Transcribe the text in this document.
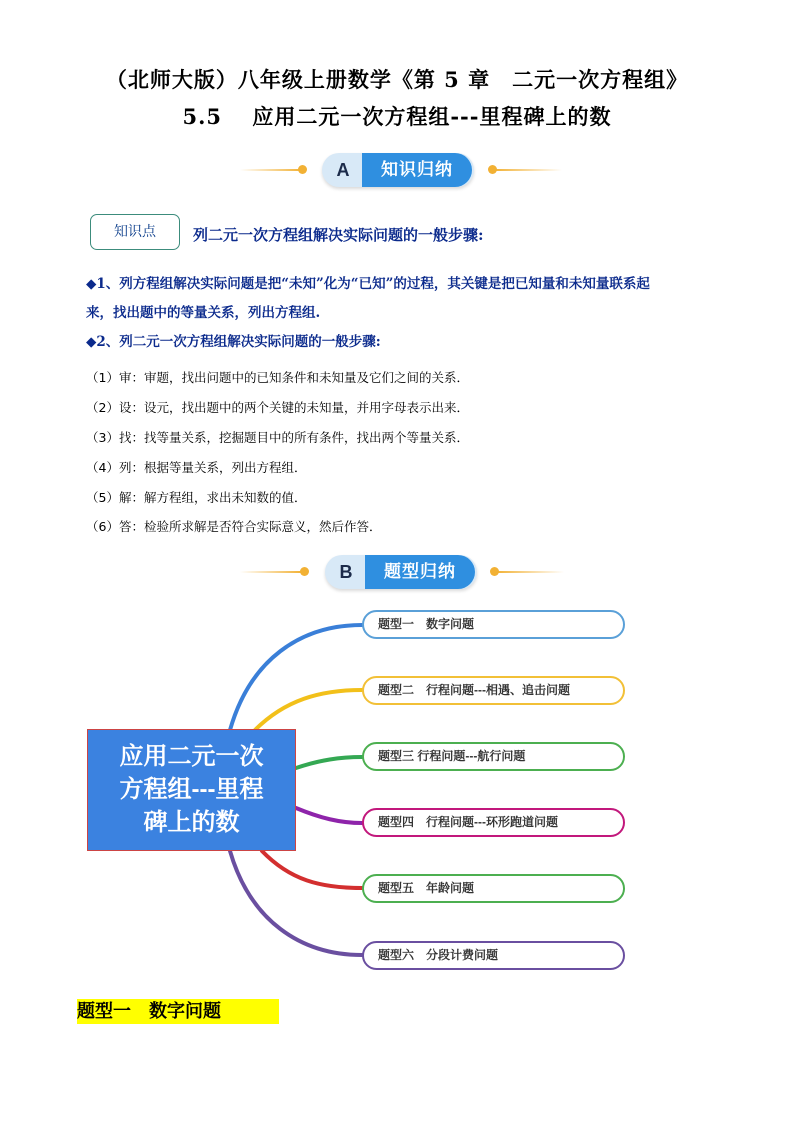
（北师大版）八年级上册数学《第 5 章　二元一次方程组》
5.5　 应用二元一次方程组---里程碑上的数
A	知识归纳
知识点	列二元一次方程组解决实际问题的一般步骤:
◆1、列方程组解决实际问题是把“未知”化为“已知”的过程，其关键是把已知量和未知量联系起
来，找出题中的等量关系，列出方程组.
◆2、列二元一次方程组解决实际问题的一般步骤:
（1）审：审题，找出问题中的已知条件和未知量及它们之间的关系．
（2）设：设元，找出题中的两个关键的未知量，并用字母表示出来．
（3）找：找等量关系，挖掘题目中的所有条件，找出两个等量关系．
（4）列：根据等量关系，列出方程组．
（5）解：解方程组，求出未知数的值．
（6）答：检验所求解是否符合实际意义，然后作答．
B	题型归纳
应用二元一次
方程组---里程
碑上的数
题型一　数字问题
题型二　行程问题---相遇、追击问题
题型三 行程问题---航行问题
题型四　行程问题---环形跑道问题
题型五　年龄问题
题型六　分段计费问题
题型一　数字问题
